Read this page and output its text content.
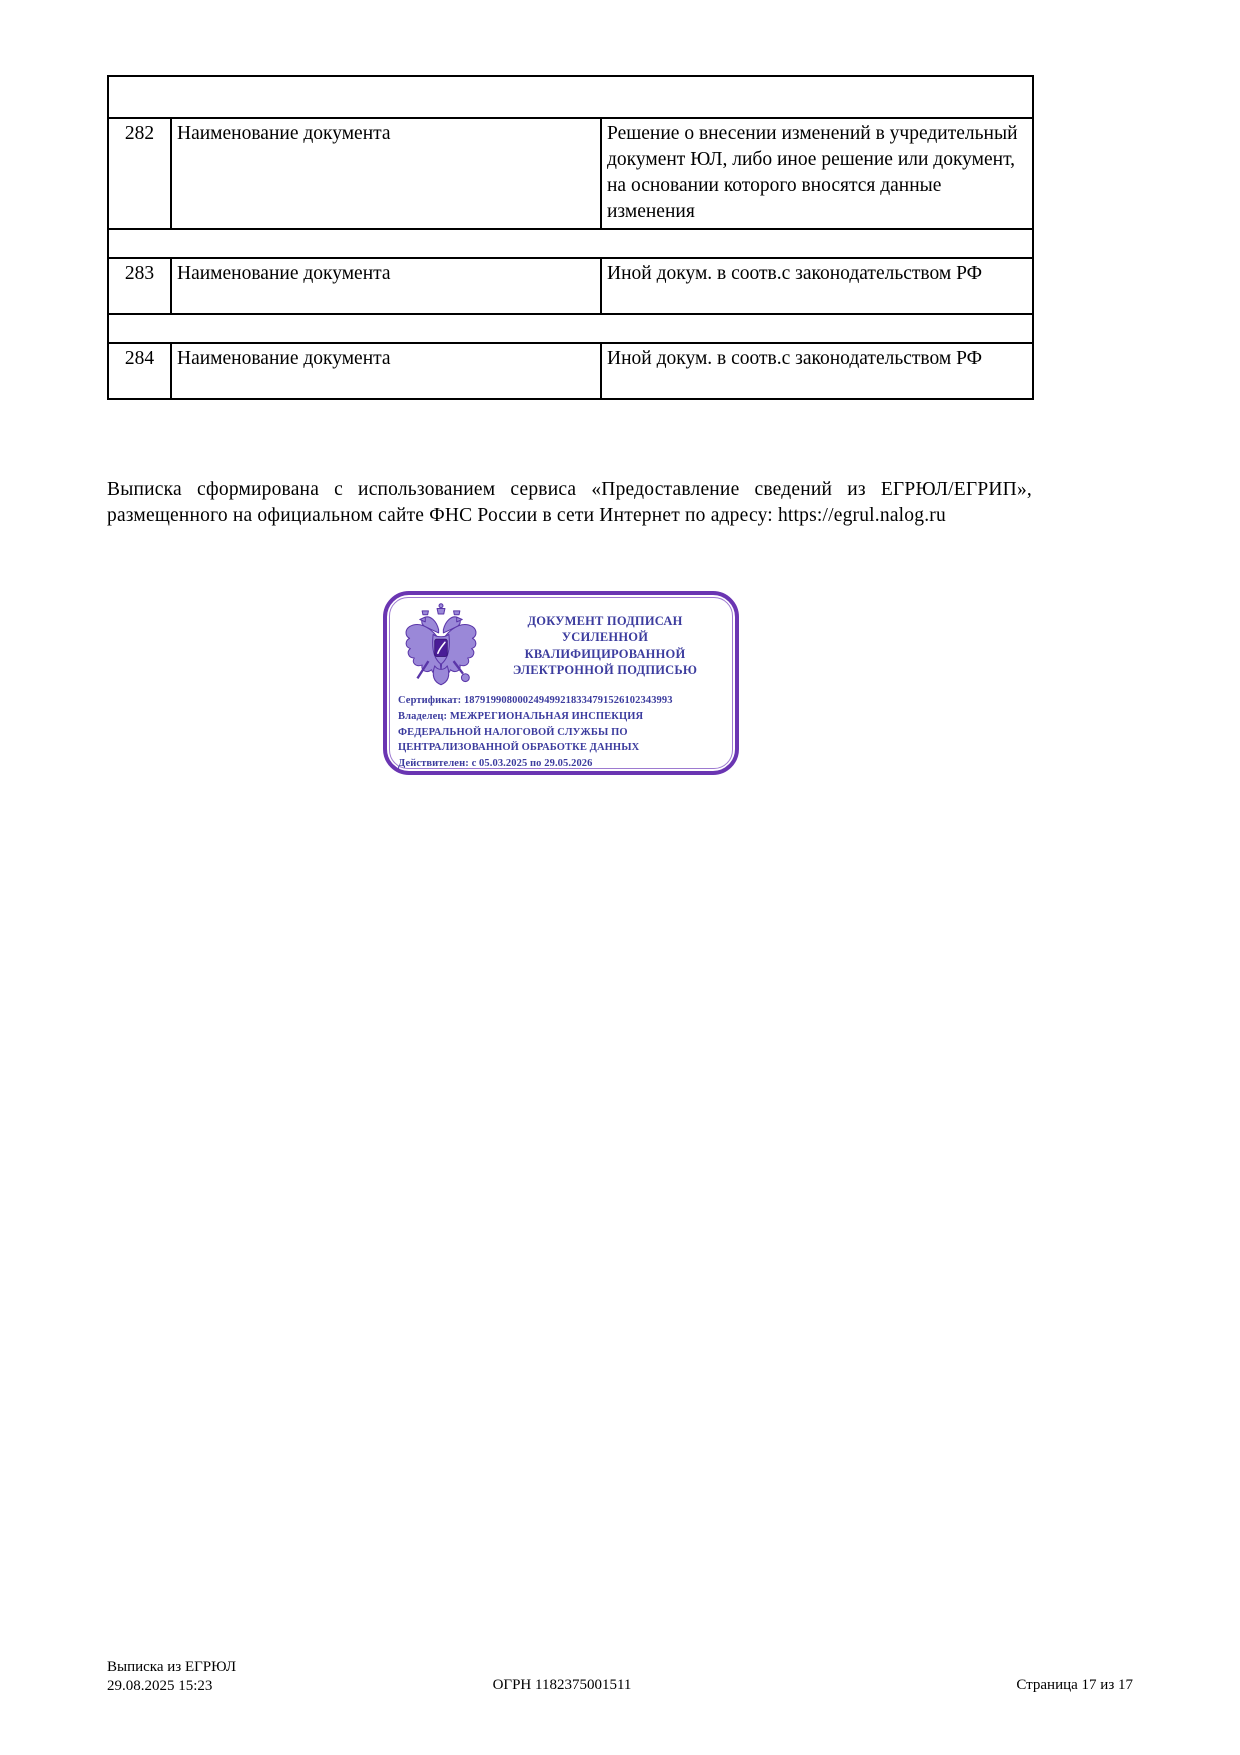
282	Наименование документа	Решение о внесении изменений в учредительный документ ЮЛ, либо иное решение или документ, на основании которого вносятся данные изменения

283	Наименование документа	Иной докум. в соотв.с законодательством РФ

284	Наименование документа	Иной докум. в соотв.с законодательством РФ

Выписка сформирована с использованием сервиса «Предоставление сведений из ЕГРЮЛ/ЕГРИП», размещенного на официальном сайте ФНС России в сети Интернет по адресу: https://egrul.nalog.ru

ДОКУМЕНТ ПОДПИСАН
УСИЛЕННОЙ КВАЛИФИЦИРОВАННОЙ
ЭЛЕКТРОННОЙ ПОДПИСЬЮ
Сертификат: 187919908000249499218334791526102343993
Владелец: МЕЖРЕГИОНАЛЬНАЯ ИНСПЕКЦИЯ ФЕДЕРАЛЬНОЙ НАЛОГОВОЙ СЛУЖБЫ ПО ЦЕНТРАЛИЗОВАННОЙ ОБРАБОТКЕ ДАННЫХ
Действителен: с 05.03.2025 по 29.05.2026
Выписка из ЕГРЮЛ
29.08.2025 15:23	ОГРН 1182375001511	Страница 17 из 17
